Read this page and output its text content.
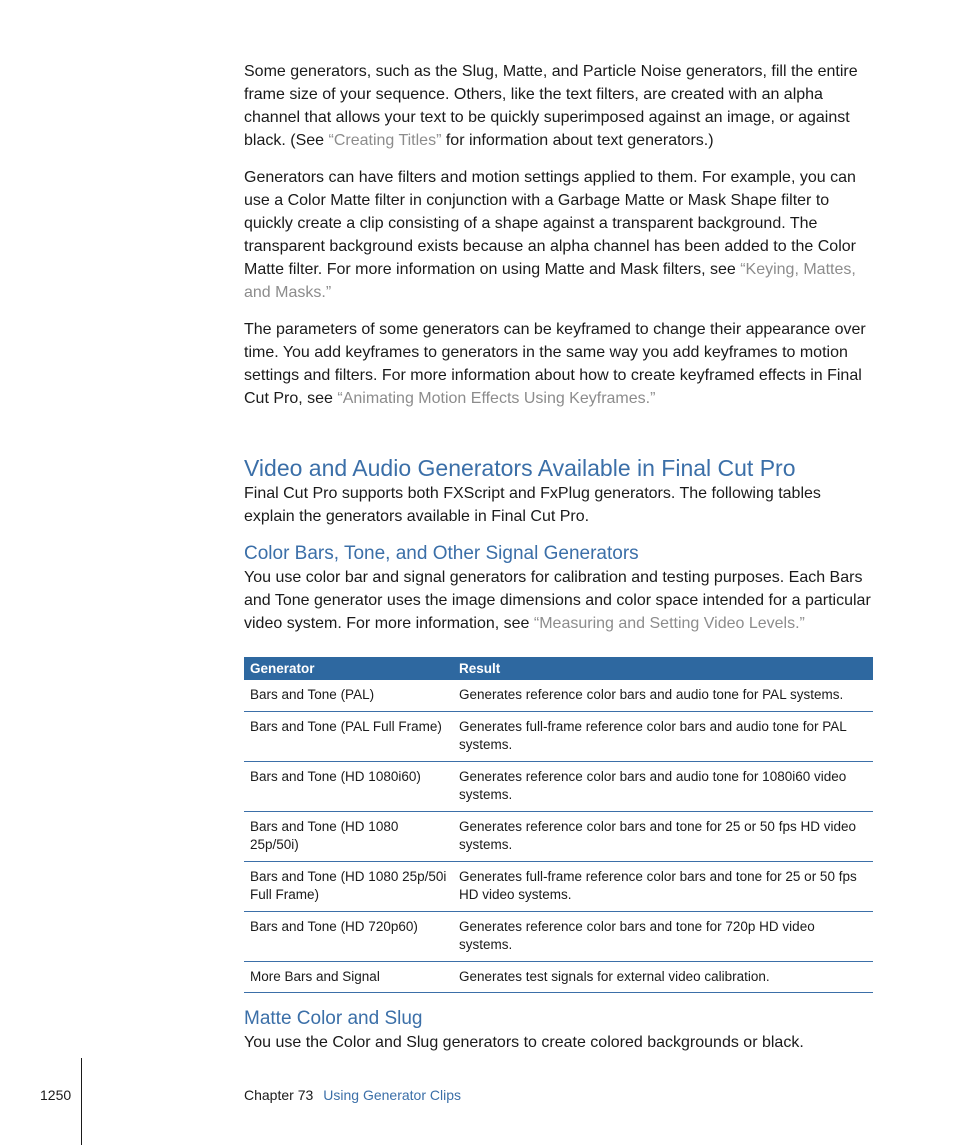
Some generators, such as the Slug, Matte, and Particle Noise generators, fill the entire frame size of your sequence. Others, like the text filters, are created with an alpha channel that allows your text to be quickly superimposed against an image, or against black. (See “Creating Titles” for information about text generators.)

Generators can have filters and motion settings applied to them. For example, you can use a Color Matte filter in conjunction with a Garbage Matte or Mask Shape filter to quickly create a clip consisting of a shape against a transparent background. The transparent background exists because an alpha channel has been added to the Color Matte filter. For more information on using Matte and Mask filters, see “Keying, Mattes, and Masks.”

The parameters of some generators can be keyframed to change their appearance over time. You add keyframes to generators in the same way you add keyframes to motion settings and filters. For more information about how to create keyframed effects in Final Cut Pro, see “Animating Motion Effects Using Keyframes.”

Video and Audio Generators Available in Final Cut Pro

Final Cut Pro supports both FXScript and FxPlug generators. The following tables explain the generators available in Final Cut Pro.

Color Bars, Tone, and Other Signal Generators

You use color bar and signal generators for calibration and testing purposes. Each Bars and Tone generator uses the image dimensions and color space intended for a particular video system. For more information, see “Measuring and Setting Video Levels.”

Generator	Result
Bars and Tone (PAL)	Generates reference color bars and audio tone for PAL systems.
Bars and Tone (PAL Full Frame)	Generates full-frame reference color bars and audio tone for PAL systems.
Bars and Tone (HD 1080i60)	Generates reference color bars and audio tone for 1080i60 video systems.
Bars and Tone (HD 1080 25p/50i)	Generates reference color bars and tone for 25 or 50 fps HD video systems.
Bars and Tone (HD 1080 25p/50i Full Frame)	Generates full-frame reference color bars and tone for 25 or 50 fps HD video systems.
Bars and Tone (HD 720p60)	Generates reference color bars and tone for 720p HD video systems.
More Bars and Signal	Generates test signals for external video calibration.
Matte Color and Slug

You use the Color and Slug generators to create colored backgrounds or black.

1250	Chapter 73 Using Generator Clips
